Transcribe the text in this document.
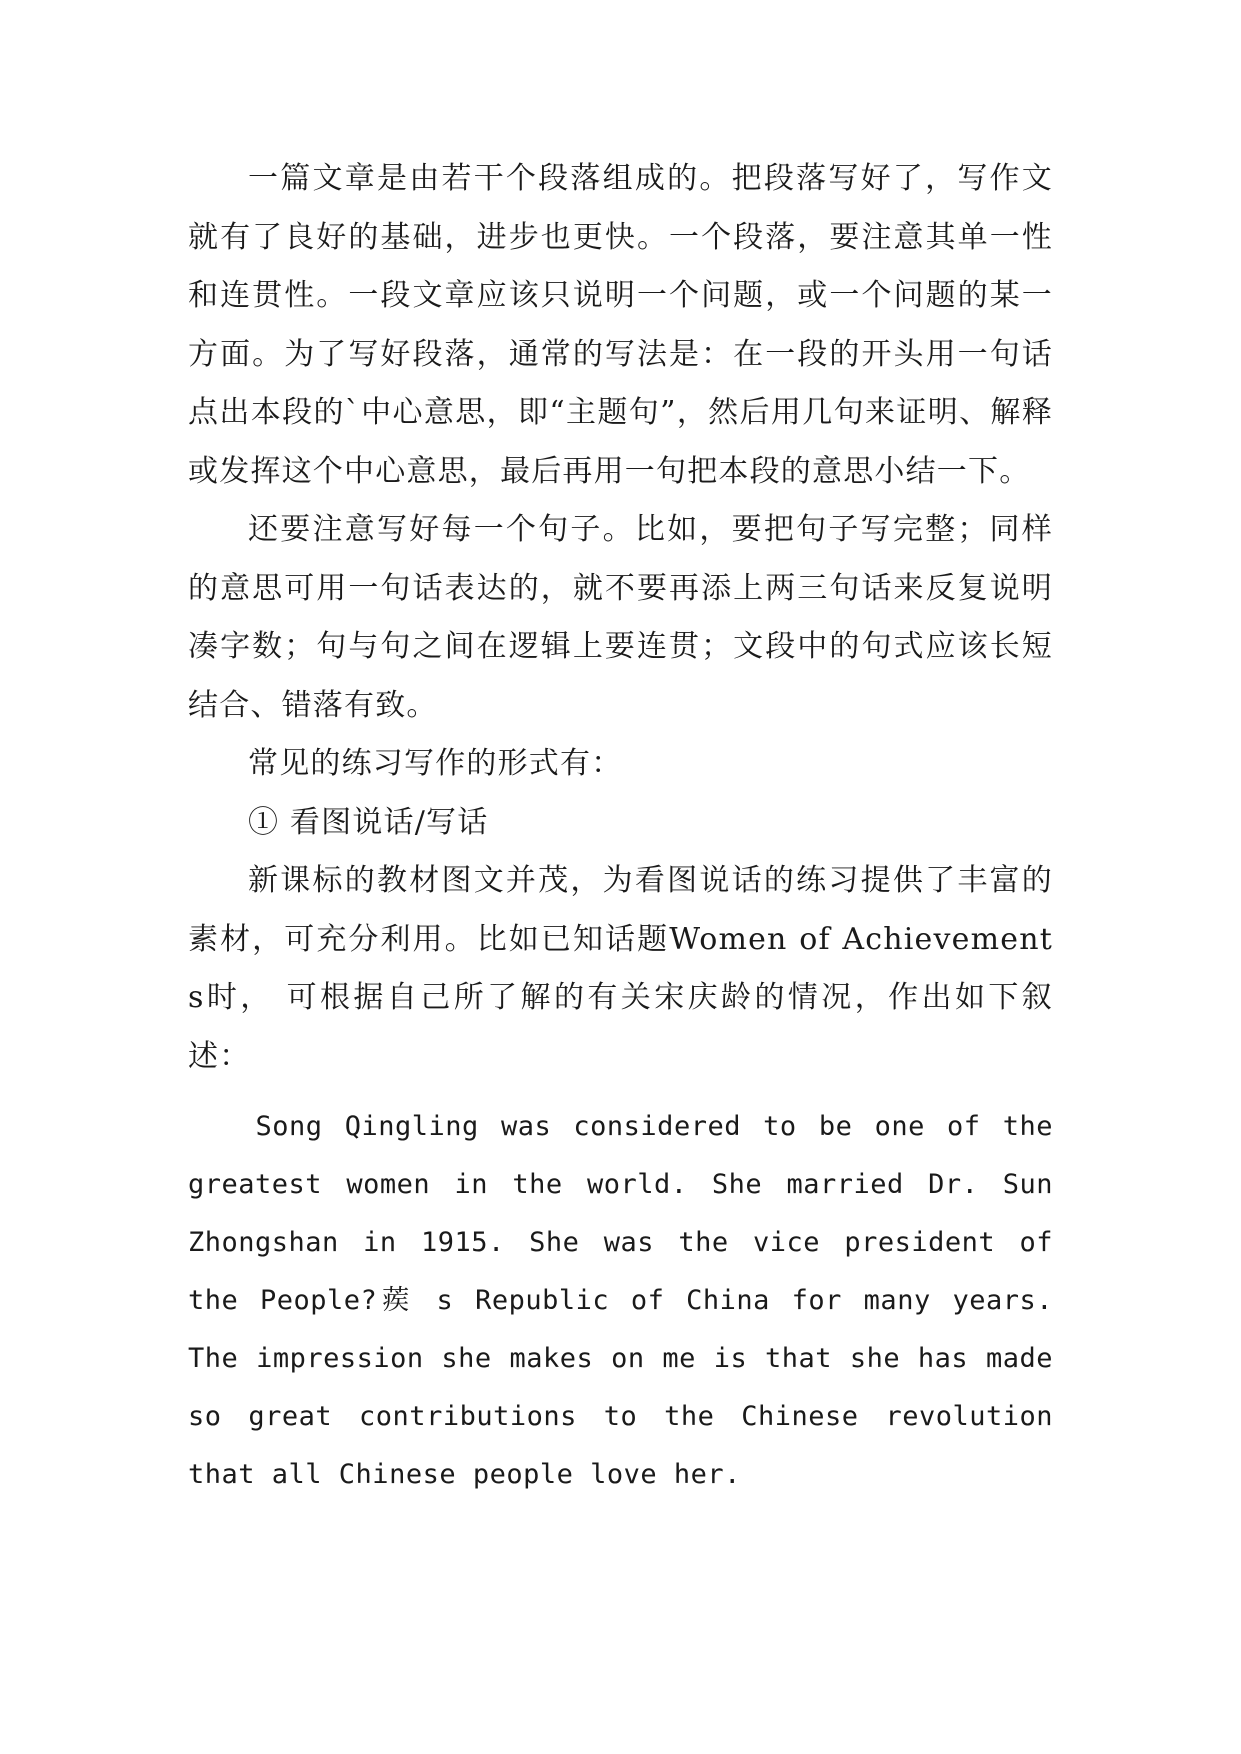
一篇文章是由若干个段落组成的。把段落写好了，写作文就有了良好的基础，进步也更快。一个段落，要注意其单一性和连贯性。一段文章应该只说明一个问题，或一个问题的某一方面。为了写好段落，通常的写法是：在一段的开头用一句话点出本段的`中心意思，即“主题句”，然后用几句来证明、解释或发挥这个中心意思，最后再用一句把本段的意思小结一下。

还要注意写好每一个句子。比如，要把句子写完整；同样的意思可用一句话表达的，就不要再添上两三句话来反复说明凑字数；句与句之间在逻辑上要连贯；文段中的句式应该长短结合、错落有致。

常见的练习写作的形式有：

① 看图说话/写话

新课标的教材图文并茂，为看图说话的练习提供了丰富的素材，可充分利用。比如已知话题Women of Achievements时， 可根据自己所了解的有关宋庆龄的情况，作出如下叙述：

Song Qingling was considered to be one of the greatest women in the world. She married Dr. Sun Zhongshan in 1915. She was the vice president of the People?蒺 s Republic of China for many years. The impression she makes on me is that she has made so great contributions to the Chinese revolution that all Chinese people love her.
